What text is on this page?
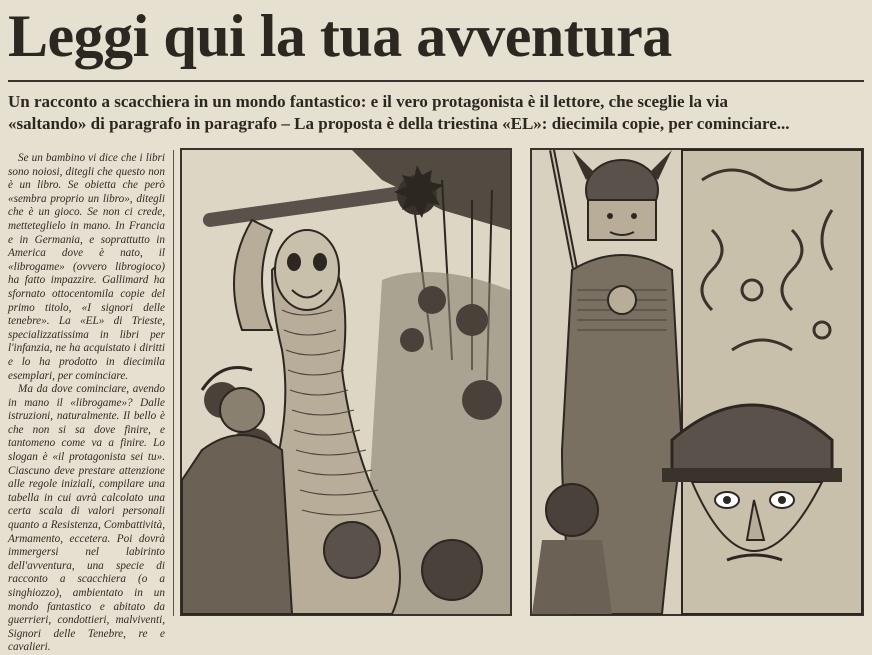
Leggi qui la tua avventura
Un racconto a scacchiera in un mondo fantastico: e il vero protagonista è il lettore, che sceglie la via
«saltando» di paragrafo in paragrafo – La proposta è della triestina «EL»: diecimila copie, per cominciare...

Se un bambino vi dice che i libri sono noiosi, ditegli che questo non è un libro. Se obietta che però «sembra proprio un libro», ditegli che è un gioco. Se non ci crede, metteteglielo in mano. In Francia e in Germania, e soprattutto in America dove è nato, il «librogame» (ovvero librogioco) ha fatto impazzire. Gallimard ha sfornato ottocentomila copie del primo titolo, «I signori delle tenebre». La «EL» di Trieste, specializzatissima in libri per l'infanzia, ne ha acquistato i diritti e lo ha prodotto in diecimila esemplari, per cominciare.

Ma da dove cominciare, avendo in mano il «librogame»? Dalle istruzioni, naturalmente. Il bello è che non si sa dove finire, e tantomeno come va a finire. Lo slogan è «il protagonista sei tu». Ciascuno deve prestare attenzione alle regole iniziali, compilare una tabella in cui avrà calcolato una certa scala di valori personali quanto a Resistenza, Combattività, Armamento, eccetera. Poi dovrà immergersi nel labirinto dell'avventura, una specie di racconto a scacchiera (o a singhiozzo), ambientato in un mondo fantastico e abitato da guerrieri, condottieri, malviventi, Signori delle Tenebre, re e cavalieri.
